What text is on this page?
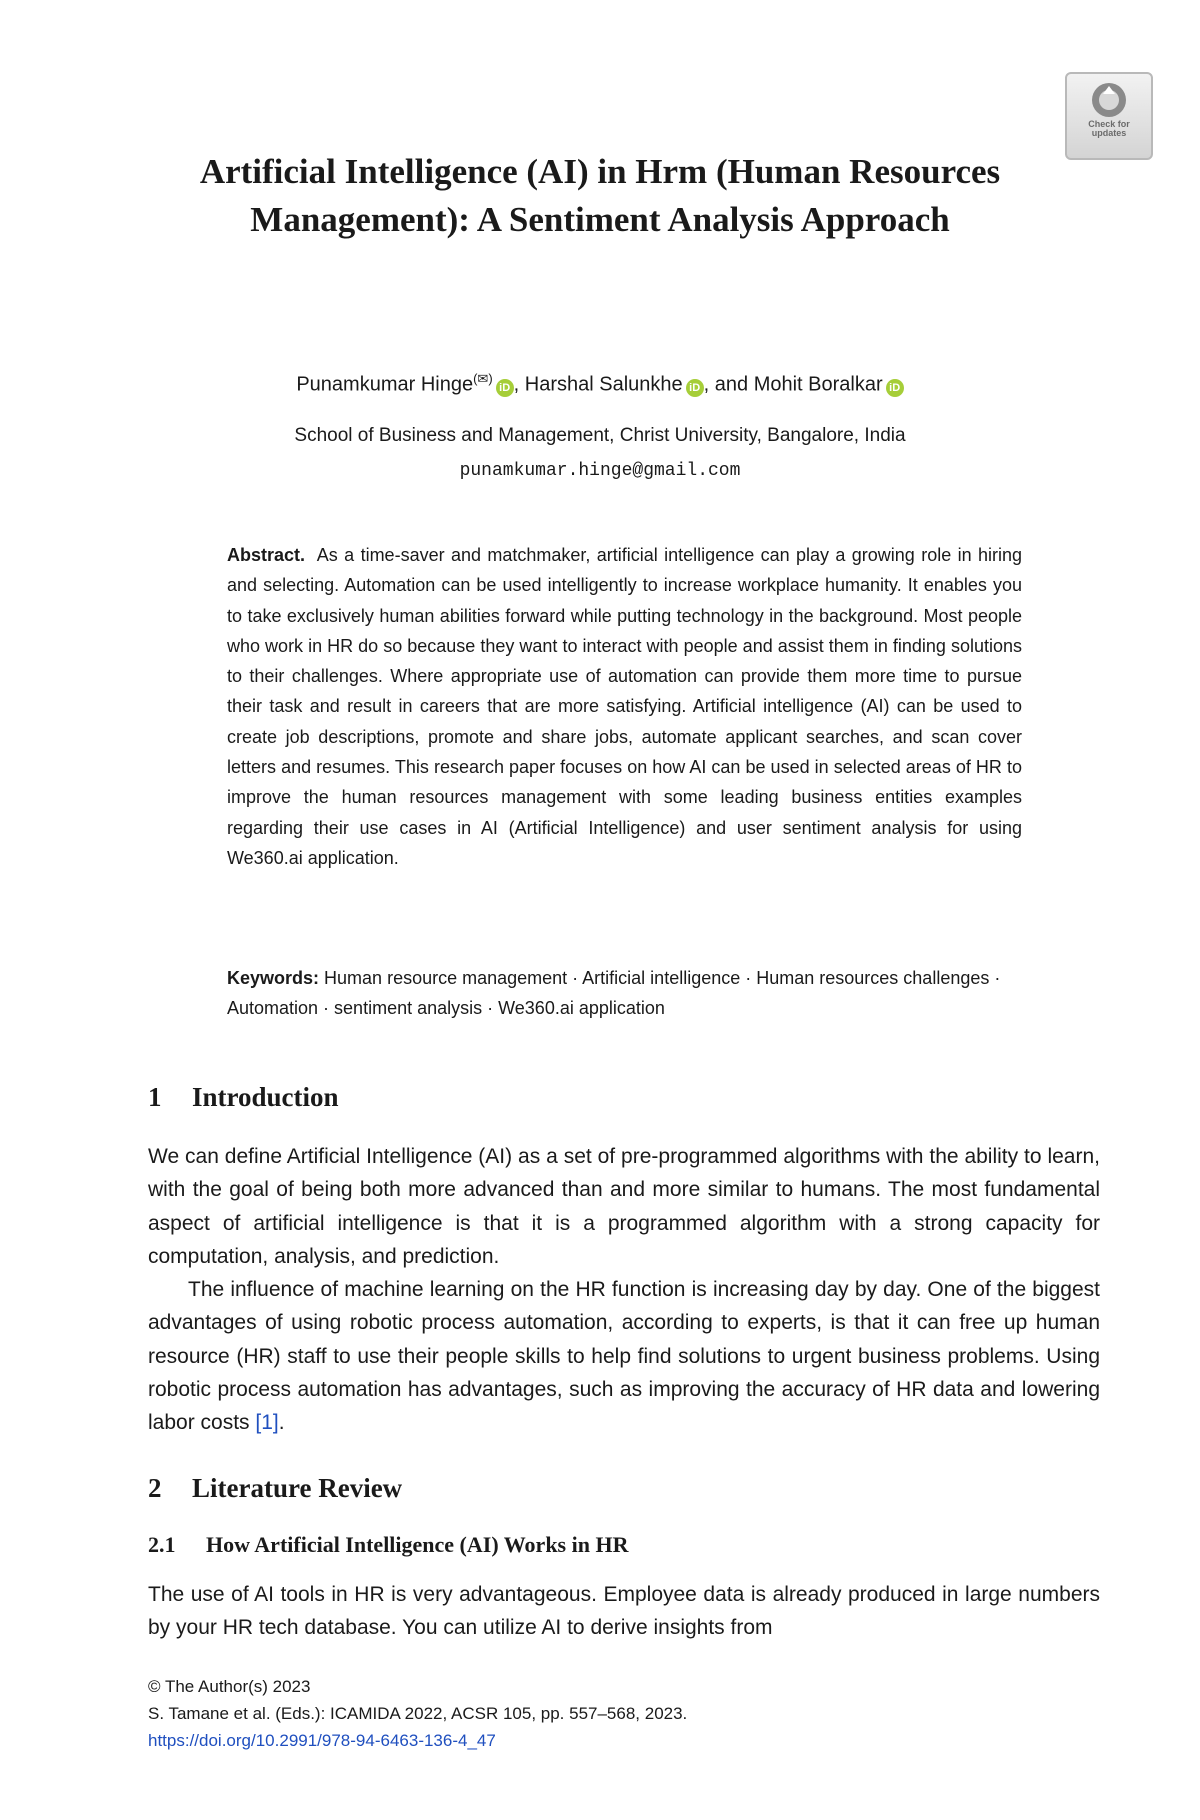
Check for updates
Artificial Intelligence (AI) in Hrm (Human Resources Management): A Sentiment Analysis Approach
Punamkumar Hinge(✉)iD , Harshal Salunkhe iD , and Mohit Boralkar iD
School of Business and Management, Christ University, Bangalore, India
punamkumar.hinge@gmail.com

Abstract. As a time-saver and matchmaker, artificial intelligence can play a growing role in hiring and selecting. Automation can be used intelligently to increase workplace humanity. It enables you to take exclusively human abilities forward while putting technology in the background. Most people who work in HR do so because they want to interact with people and assist them in finding solutions to their challenges. Where appropriate use of automation can provide them more time to pursue their task and result in careers that are more satisfying. Artificial intelligence (AI) can be used to create job descriptions, promote and share jobs, automate applicant searches, and scan cover letters and resumes. This research paper focuses on how AI can be used in selected areas of HR to improve the human resources management with some leading business entities examples regarding their use cases in AI (Artificial Intelligence) and user sentiment analysis for using We360.ai application.

Keywords: Human resource management · Artificial intelligence · Human resources challenges · Automation · sentiment analysis · We360.ai application

1 Introduction

We can define Artificial Intelligence (AI) as a set of pre-programmed algorithms with the ability to learn, with the goal of being both more advanced than and more similar to humans. The most fundamental aspect of artificial intelligence is that it is a programmed algorithm with a strong capacity for computation, analysis, and prediction.

The influence of machine learning on the HR function is increasing day by day. One of the biggest advantages of using robotic process automation, according to experts, is that it can free up human resource (HR) staff to use their people skills to help find solutions to urgent business problems. Using robotic process automation has advantages, such as improving the accuracy of HR data and lowering labor costs [1].

2 Literature Review
2.1 How Artificial Intelligence (AI) Works in HR

The use of AI tools in HR is very advantageous. Employee data is already produced in large numbers by your HR tech database. You can utilize AI to derive insights from

© The Author(s) 2023
S. Tamane et al. (Eds.): ICAMIDA 2022, ACSR 105, pp. 557–568, 2023.
https://doi.org/10.2991/978-94-6463-136-4_47
